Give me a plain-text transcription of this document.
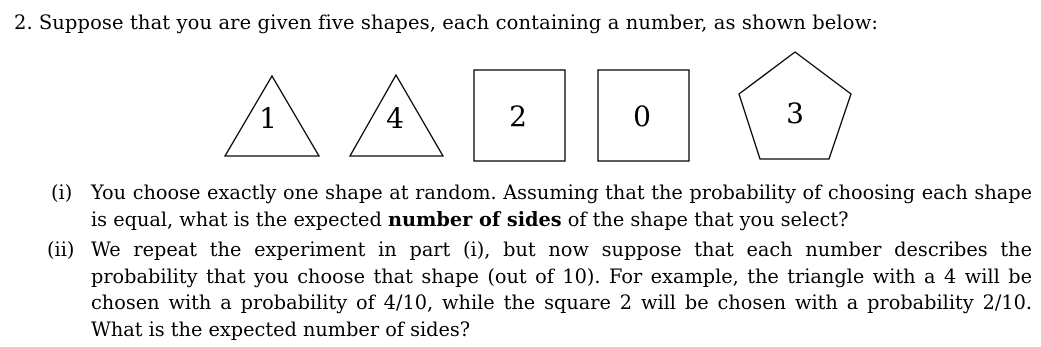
2. Suppose that you are given five shapes, each containing a number, as shown below:
1	4	2	0	3
(i) You choose exactly one shape at random. Assuming that the probability of choosing each shape is equal, what is the expected number of sides of the shape that you select?
(ii) We repeat the experiment in part (i), but now suppose that each number describes the probability that you choose that shape (out of 10). For example, the triangle with a 4 will be chosen with a probability of 4/10, while the square 2 will be chosen with a probability 2/10. What is the expected number of sides?
